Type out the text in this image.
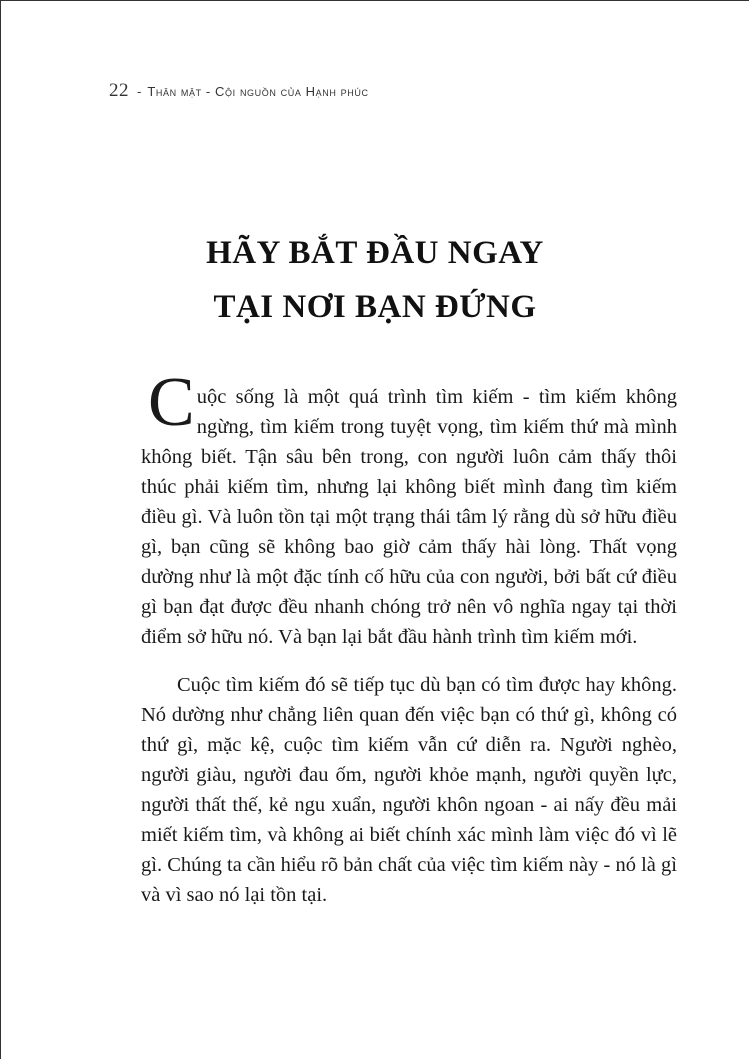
22 - Thân mật - Cội nguồn của Hạnh phúc
HÃY BẮT ĐẦU NGAY
TẠI NƠI BẠN ĐỨNG

Cuộc sống là một quá trình tìm kiếm - tìm kiếm không ngừng, tìm kiếm trong tuyệt vọng, tìm kiếm thứ mà mình không biết. Tận sâu bên trong, con người luôn cảm thấy thôi thúc phải kiếm tìm, nhưng lại không biết mình đang tìm kiếm điều gì. Và luôn tồn tại một trạng thái tâm lý rằng dù sở hữu điều gì, bạn cũng sẽ không bao giờ cảm thấy hài lòng. Thất vọng dường như là một đặc tính cố hữu của con người, bởi bất cứ điều gì bạn đạt được đều nhanh chóng trở nên vô nghĩa ngay tại thời điểm sở hữu nó. Và bạn lại bắt đầu hành trình tìm kiếm mới.

Cuộc tìm kiếm đó sẽ tiếp tục dù bạn có tìm được hay không. Nó dường như chẳng liên quan đến việc bạn có thứ gì, không có thứ gì, mặc kệ, cuộc tìm kiếm vẫn cứ diễn ra. Người nghèo, người giàu, người đau ốm, người khỏe mạnh, người quyền lực, người thất thế, kẻ ngu xuẩn, người khôn ngoan - ai nấy đều mải miết kiếm tìm, và không ai biết chính xác mình làm việc đó vì lẽ gì. Chúng ta cần hiểu rõ bản chất của việc tìm kiếm này - nó là gì và vì sao nó lại tồn tại.
